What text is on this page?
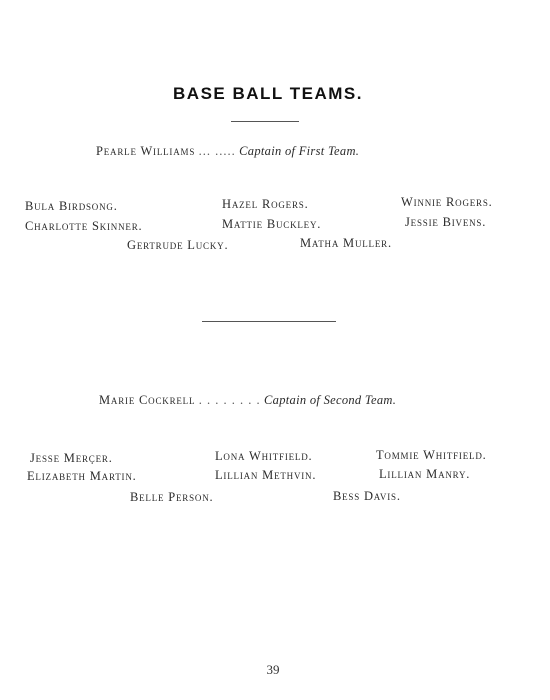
BASE BALL TEAMS.
Pearle Williams ... ..... Captain of First Team.
Bula Birdsong.	Hazel Rogers.	Winnie Rogers.
Charlotte Skinner.	Mattie Buckley.	Jessie Bivens.
Gertrude Lucky.	Matha Muller.
Marie Cockrell . . . . . . . . Captain of Second Team.
Jesse Merçer.	Lona Whitfield.	Tommie Whitfield.
Elizabeth Martin.	Lillian Methvin.	Lillian Manry.
Belle Person.	Bess Davis.
39
